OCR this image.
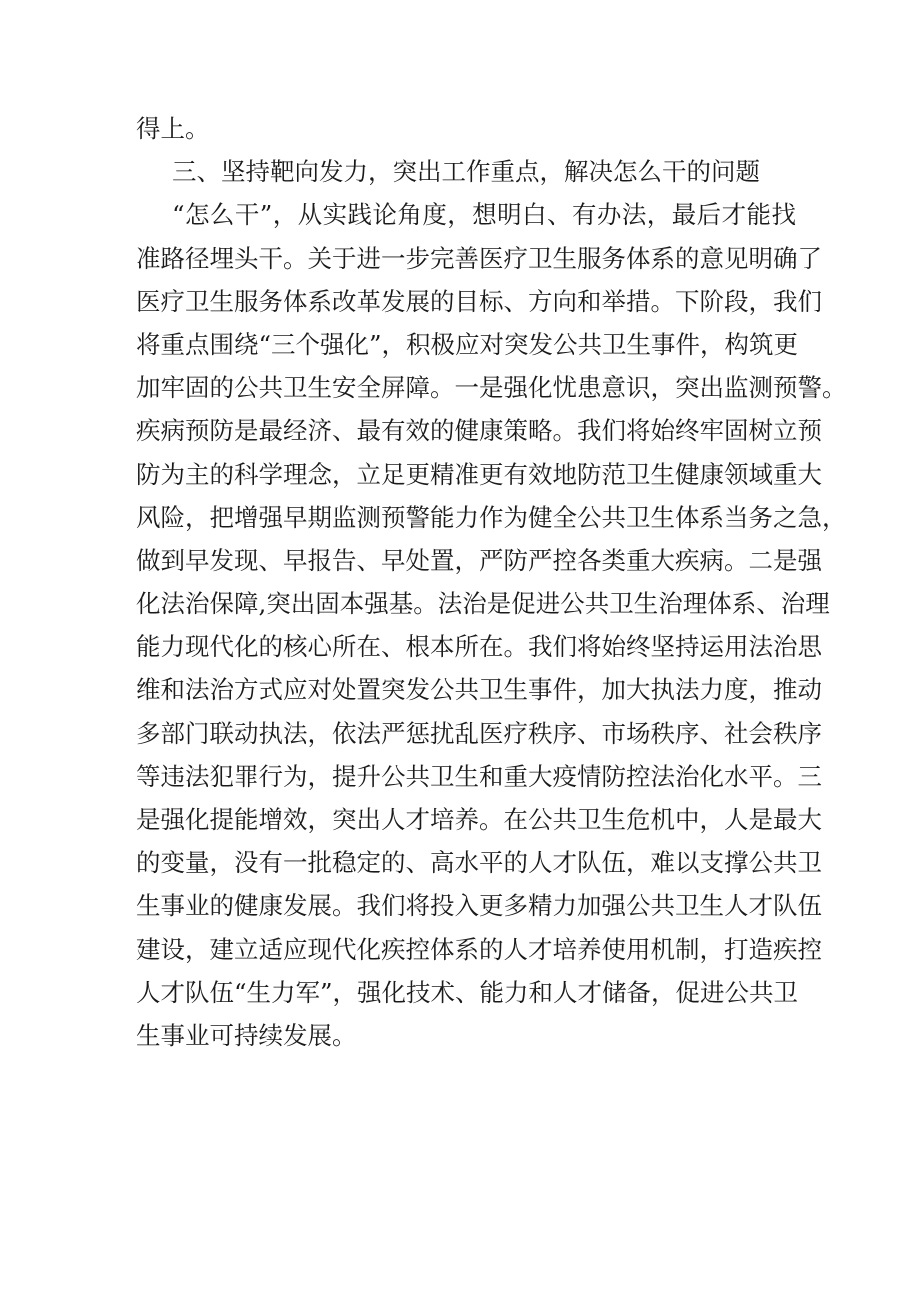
得上。
三、坚持靶向发力，突出工作重点，解决怎么干的问题
“怎么干”，从实践论角度，想明白、有办法，最后才能找
准路径埋头干。关于进一步完善医疗卫生服务体系的意见明确了
医疗卫生服务体系改革发展的目标、方向和举措。下阶段，我们
将重点围绕“三个强化”，积极应对突发公共卫生事件，构筑更
加牢固的公共卫生安全屏障。一是强化忧患意识，突出监测预警。
疾病预防是最经济、最有效的健康策略。我们将始终牢固树立预
防为主的科学理念，立足更精准更有效地防范卫生健康领域重大
风险，把增强早期监测预警能力作为健全公共卫生体系当务之急，
做到早发现、早报告、早处置，严防严控各类重大疾病。二是强
化法治保障,突出固本强基。法治是促进公共卫生治理体系、治理
能力现代化的核心所在、根本所在。我们将始终坚持运用法治思
维和法治方式应对处置突发公共卫生事件，加大执法力度，推动
多部门联动执法，依法严惩扰乱医疗秩序、市场秩序、社会秩序
等违法犯罪行为，提升公共卫生和重大疫情防控法治化水平。三
是强化提能增效，突出人才培养。在公共卫生危机中，人是最大
的变量，没有一批稳定的、高水平的人才队伍，难以支撑公共卫
生事业的健康发展。我们将投入更多精力加强公共卫生人才队伍
建设，建立适应现代化疾控体系的人才培养使用机制，打造疾控
人才队伍“生力军”，强化技术、能力和人才储备，促进公共卫
生事业可持续发展。
